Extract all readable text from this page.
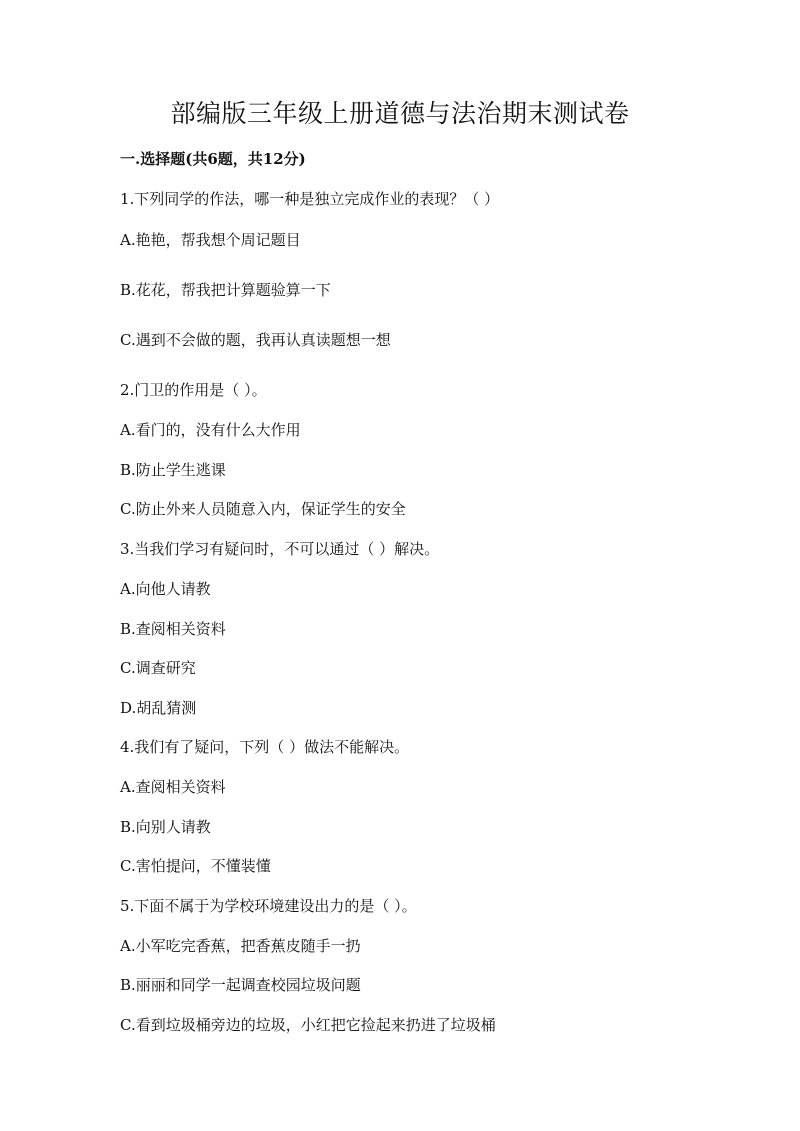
部编版三年级上册道德与法治期末测试卷
一.选择题(共6题，共12分)

1.下列同学的作法，哪一种是独立完成作业的表现？（ ）

A.艳艳，帮我想个周记题目

B.花花，帮我把计算题验算一下

C.遇到不会做的题，我再认真读题想一想

2.门卫的作用是（ ）。

A.看门的，没有什么大作用

B.防止学生逃课

C.防止外来人员随意入内，保证学生的安全

3.当我们学习有疑问时，不可以通过（ ）解决。

A.向他人请教

B.查阅相关资料

C.调查研究

D.胡乱猜测

4.我们有了疑问，下列（ ）做法不能解决。

A.查阅相关资料

B.向别人请教

C.害怕提问，不懂装懂

5.下面不属于为学校环境建设出力的是（ ）。

A.小军吃完香蕉，把香蕉皮随手一扔

B.丽丽和同学一起调查校园垃圾问题

C.看到垃圾桶旁边的垃圾，小红把它捡起来扔进了垃圾桶
